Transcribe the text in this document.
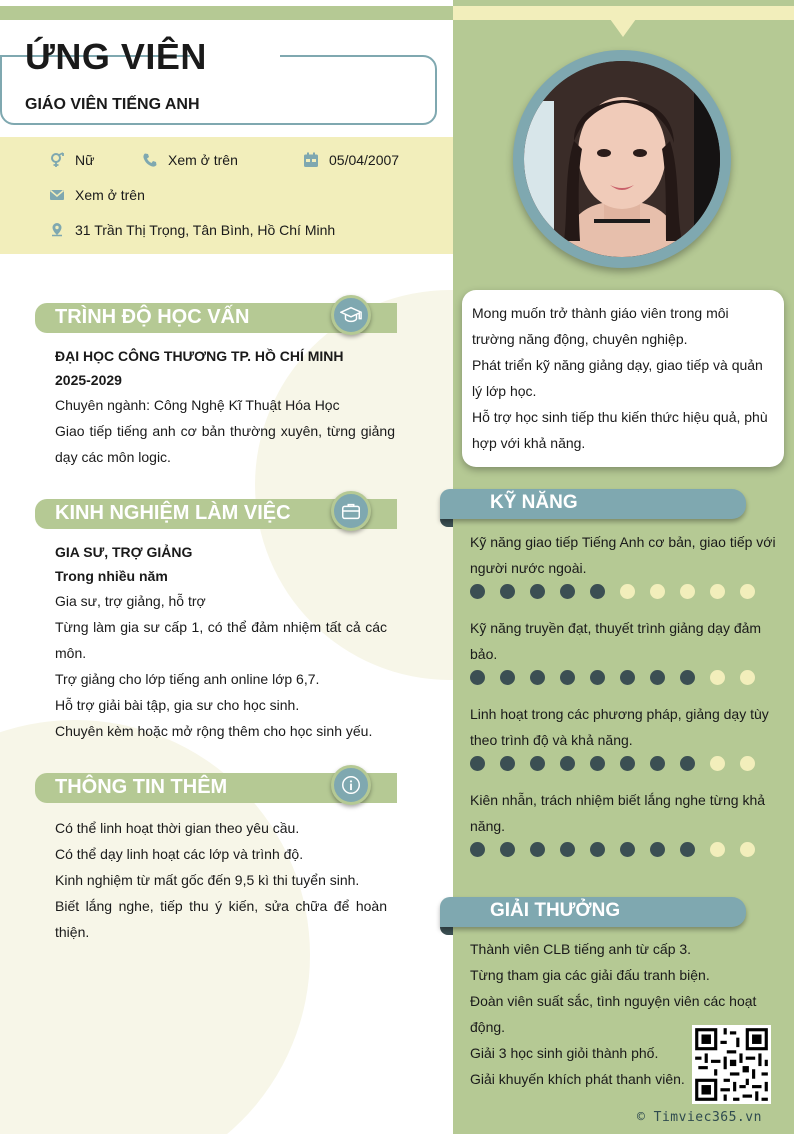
ỨNG VIÊN
GIÁO VIÊN TIẾNG ANH
Nữ	Xem ở trên	05/04/2007
Xem ở trên
31 Trần Thị Trọng, Tân Bình, Hồ Chí Minh
TRÌNH ĐỘ HỌC VẤN
ĐẠI HỌC CÔNG THƯƠNG TP. HỒ CHÍ MINH
2025-2029
Chuyên ngành: Công Nghệ Kĩ Thuật Hóa Học
Giao tiếp tiếng anh cơ bản thường xuyên, từng giảng dạy các môn logic.
KINH NGHIỆM LÀM VIỆC
GIA SƯ, TRỢ GIẢNG
Trong nhiều năm
Gia sư, trợ giảng, hỗ trợ
Từng làm gia sư cấp 1, có thể đảm nhiệm tất cả các môn.
Trợ giảng cho lớp tiếng anh online lớp 6,7.
Hỗ trợ giải bài tập, gia sư cho học sinh.
Chuyên kèm hoặc mở rộng thêm cho học sinh yếu.
THÔNG TIN THÊM
Có thể linh hoạt thời gian theo yêu cầu.
Có thể dạy linh hoạt các lớp và trình độ.
Kinh nghiệm từ mất gốc đến 9,5 kì thi tuyển sinh.
Biết lắng nghe, tiếp thu ý kiến, sửa chữa để hoàn thiện.
Mong muốn trở thành giáo viên trong môi trường năng động, chuyên nghiệp.
Phát triển kỹ năng giảng dạy, giao tiếp và quản lý lớp học.
Hỗ trợ học sinh tiếp thu kiến thức hiệu quả, phù hợp với khả năng.
KỸ NĂNG
Kỹ năng giao tiếp Tiếng Anh cơ bản, giao tiếp với người nước ngoài.
Kỹ năng truyền đạt, thuyết trình giảng dạy đảm bảo.
Linh hoạt trong các phương pháp, giảng dạy tùy theo trình độ và khả năng.
Kiên nhẫn, trách nhiệm biết lắng nghe từng khả năng.
GIẢI THƯỞNG
Thành viên CLB tiếng anh từ cấp 3.
Từng tham gia các giải đấu tranh biện.
Đoàn viên suất sắc, tình nguyện viên các hoạt động.
Giải 3 học sinh giỏi thành phố.
Giải khuyến khích phát thanh viên.
© Timviec365.vn
